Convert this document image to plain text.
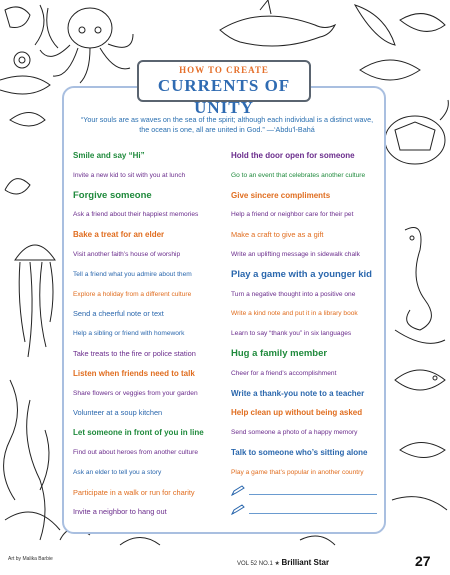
HOW TO CREATE
CURRENTS OF UNITY
“Your souls are as waves on the sea of the spirit; although each individual is a distinct wave, the ocean is one, all are united in God.” —‘Abdu’l-Bahá
Smile and say “Hi”
Invite a new kid to sit with you at lunch
Forgive someone
Ask a friend about their happiest memories
Bake a treat for an elder
Visit another faith’s house of worship
Tell a friend what you admire about them
Explore a holiday from a different culture
Send a cheerful note or text
Help a sibling or friend with homework
Take treats to the fire or police station
Listen when friends need to talk
Share flowers or veggies from your garden
Volunteer at a soup kitchen
Let someone in front of you in line
Find out about heroes from another culture
Ask an elder to tell you a story
Participate in a walk or run for charity
Invite a neighbor to hang out
Hold the door open for someone
Go to an event that celebrates another culture
Give sincere compliments
Help a friend or neighbor care for their pet
Make a craft to give as a gift
Write an uplifting message in sidewalk chalk
Play a game with a younger kid
Turn a negative thought into a positive one
Write a kind note and put it in a library book
Learn to say “thank you” in six languages
Hug a family member
Cheer for a friend’s accomplishment
Write a thank-you note to a teacher
Help clean up without being asked
Send someone a photo of a happy memory
Talk to someone who’s sitting alone
Play a game that’s popular in another country
Art by Malika Barbie
VOL 52 NO.1 ★ Brilliant Star	27
